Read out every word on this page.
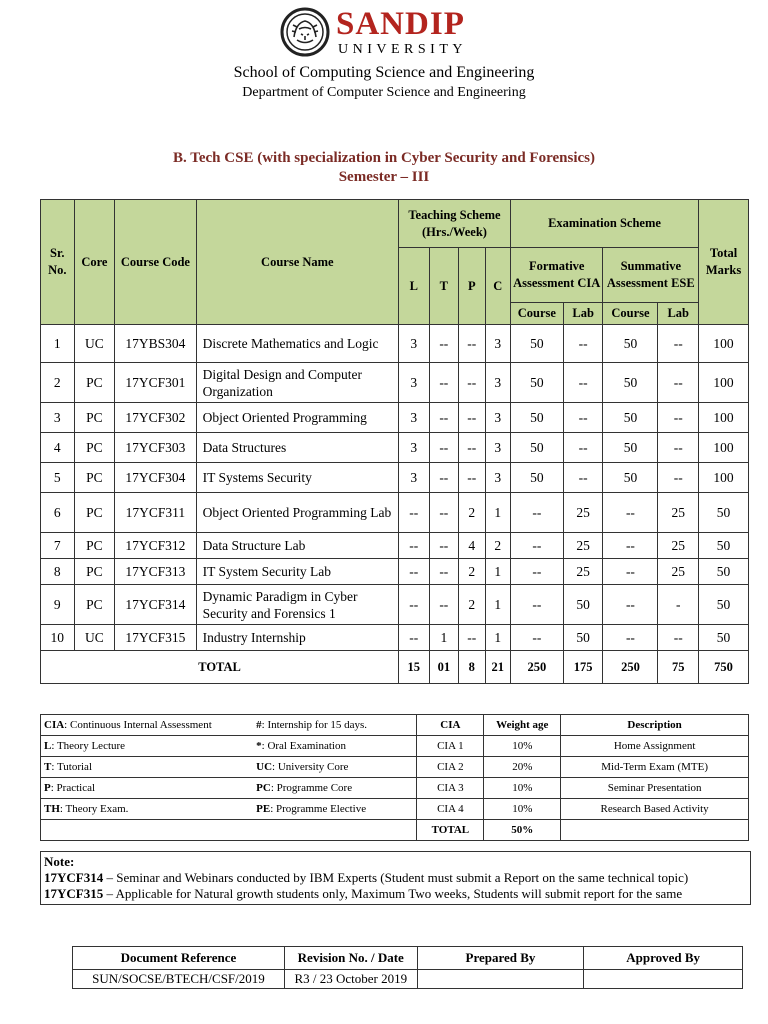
SANDIP
UNIVERSITY
School of Computing Science and Engineering
Department of Computer Science and Engineering
B. Tech CSE (with specialization in Cyber Security and Forensics)
Semester – III
Sr. No.	Core	Course Code	Course Name	Teaching Scheme (Hrs./Week)				Examination Scheme				Total Marks
				L	T	P	C	Formative Assessment CIA		Summative Assessment ESE		
								Course	Lab	Course	Lab	
1	UC	17YBS304	Discrete Mathematics and Logic	3	--	--	3	50	--	50	--	100
2	PC	17YCF301	Digital Design and Computer Organization	3	--	--	3	50	--	50	--	100
3	PC	17YCF302	Object Oriented Programming	3	--	--	3	50	--	50	--	100
4	PC	17YCF303	Data Structures	3	--	--	3	50	--	50	--	100
5	PC	17YCF304	IT Systems Security	3	--	--	3	50	--	50	--	100
6	PC	17YCF311	Object Oriented Programming Lab	--	--	2	1	--	25	--	25	50
7	PC	17YCF312	Data Structure Lab	--	--	4	2	--	25	--	25	50
8	PC	17YCF313	IT System Security Lab	--	--	2	1	--	25	--	25	50
9	PC	17YCF314	Dynamic Paradigm in Cyber Security and Forensics 1	--	--	2	1	--	50	--	-	50
10	UC	17YCF315	Industry Internship	--	1	--	1	--	50	--	--	50
TOTAL				15	01	8	21	250	175	250	75	750
CIA: Continuous Internal Assessment	#: Internship for 15 days.	CIA	Weight age	Description
L: Theory Lecture	*: Oral Examination	CIA 1	10%	Home Assignment
T: Tutorial	UC: University Core	CIA 2	20%	Mid-Term Exam (MTE)
P: Practical	PC: Programme Core	CIA 3	10%	Seminar Presentation
TH: Theory Exam.	PE: Programme Elective	CIA 4	10%	Research Based Activity
		TOTAL	50%	
Note:
17YCF314 – Seminar and Webinars conducted by IBM Experts (Student must submit a Report on the same technical topic)
17YCF315 – Applicable for Natural growth students only, Maximum Two weeks, Students will submit report for the same
Document Reference	Revision No. / Date	Prepared By	Approved By
SUN/SOCSE/BTECH/CSF/2019	R3 / 23 October 2019		
